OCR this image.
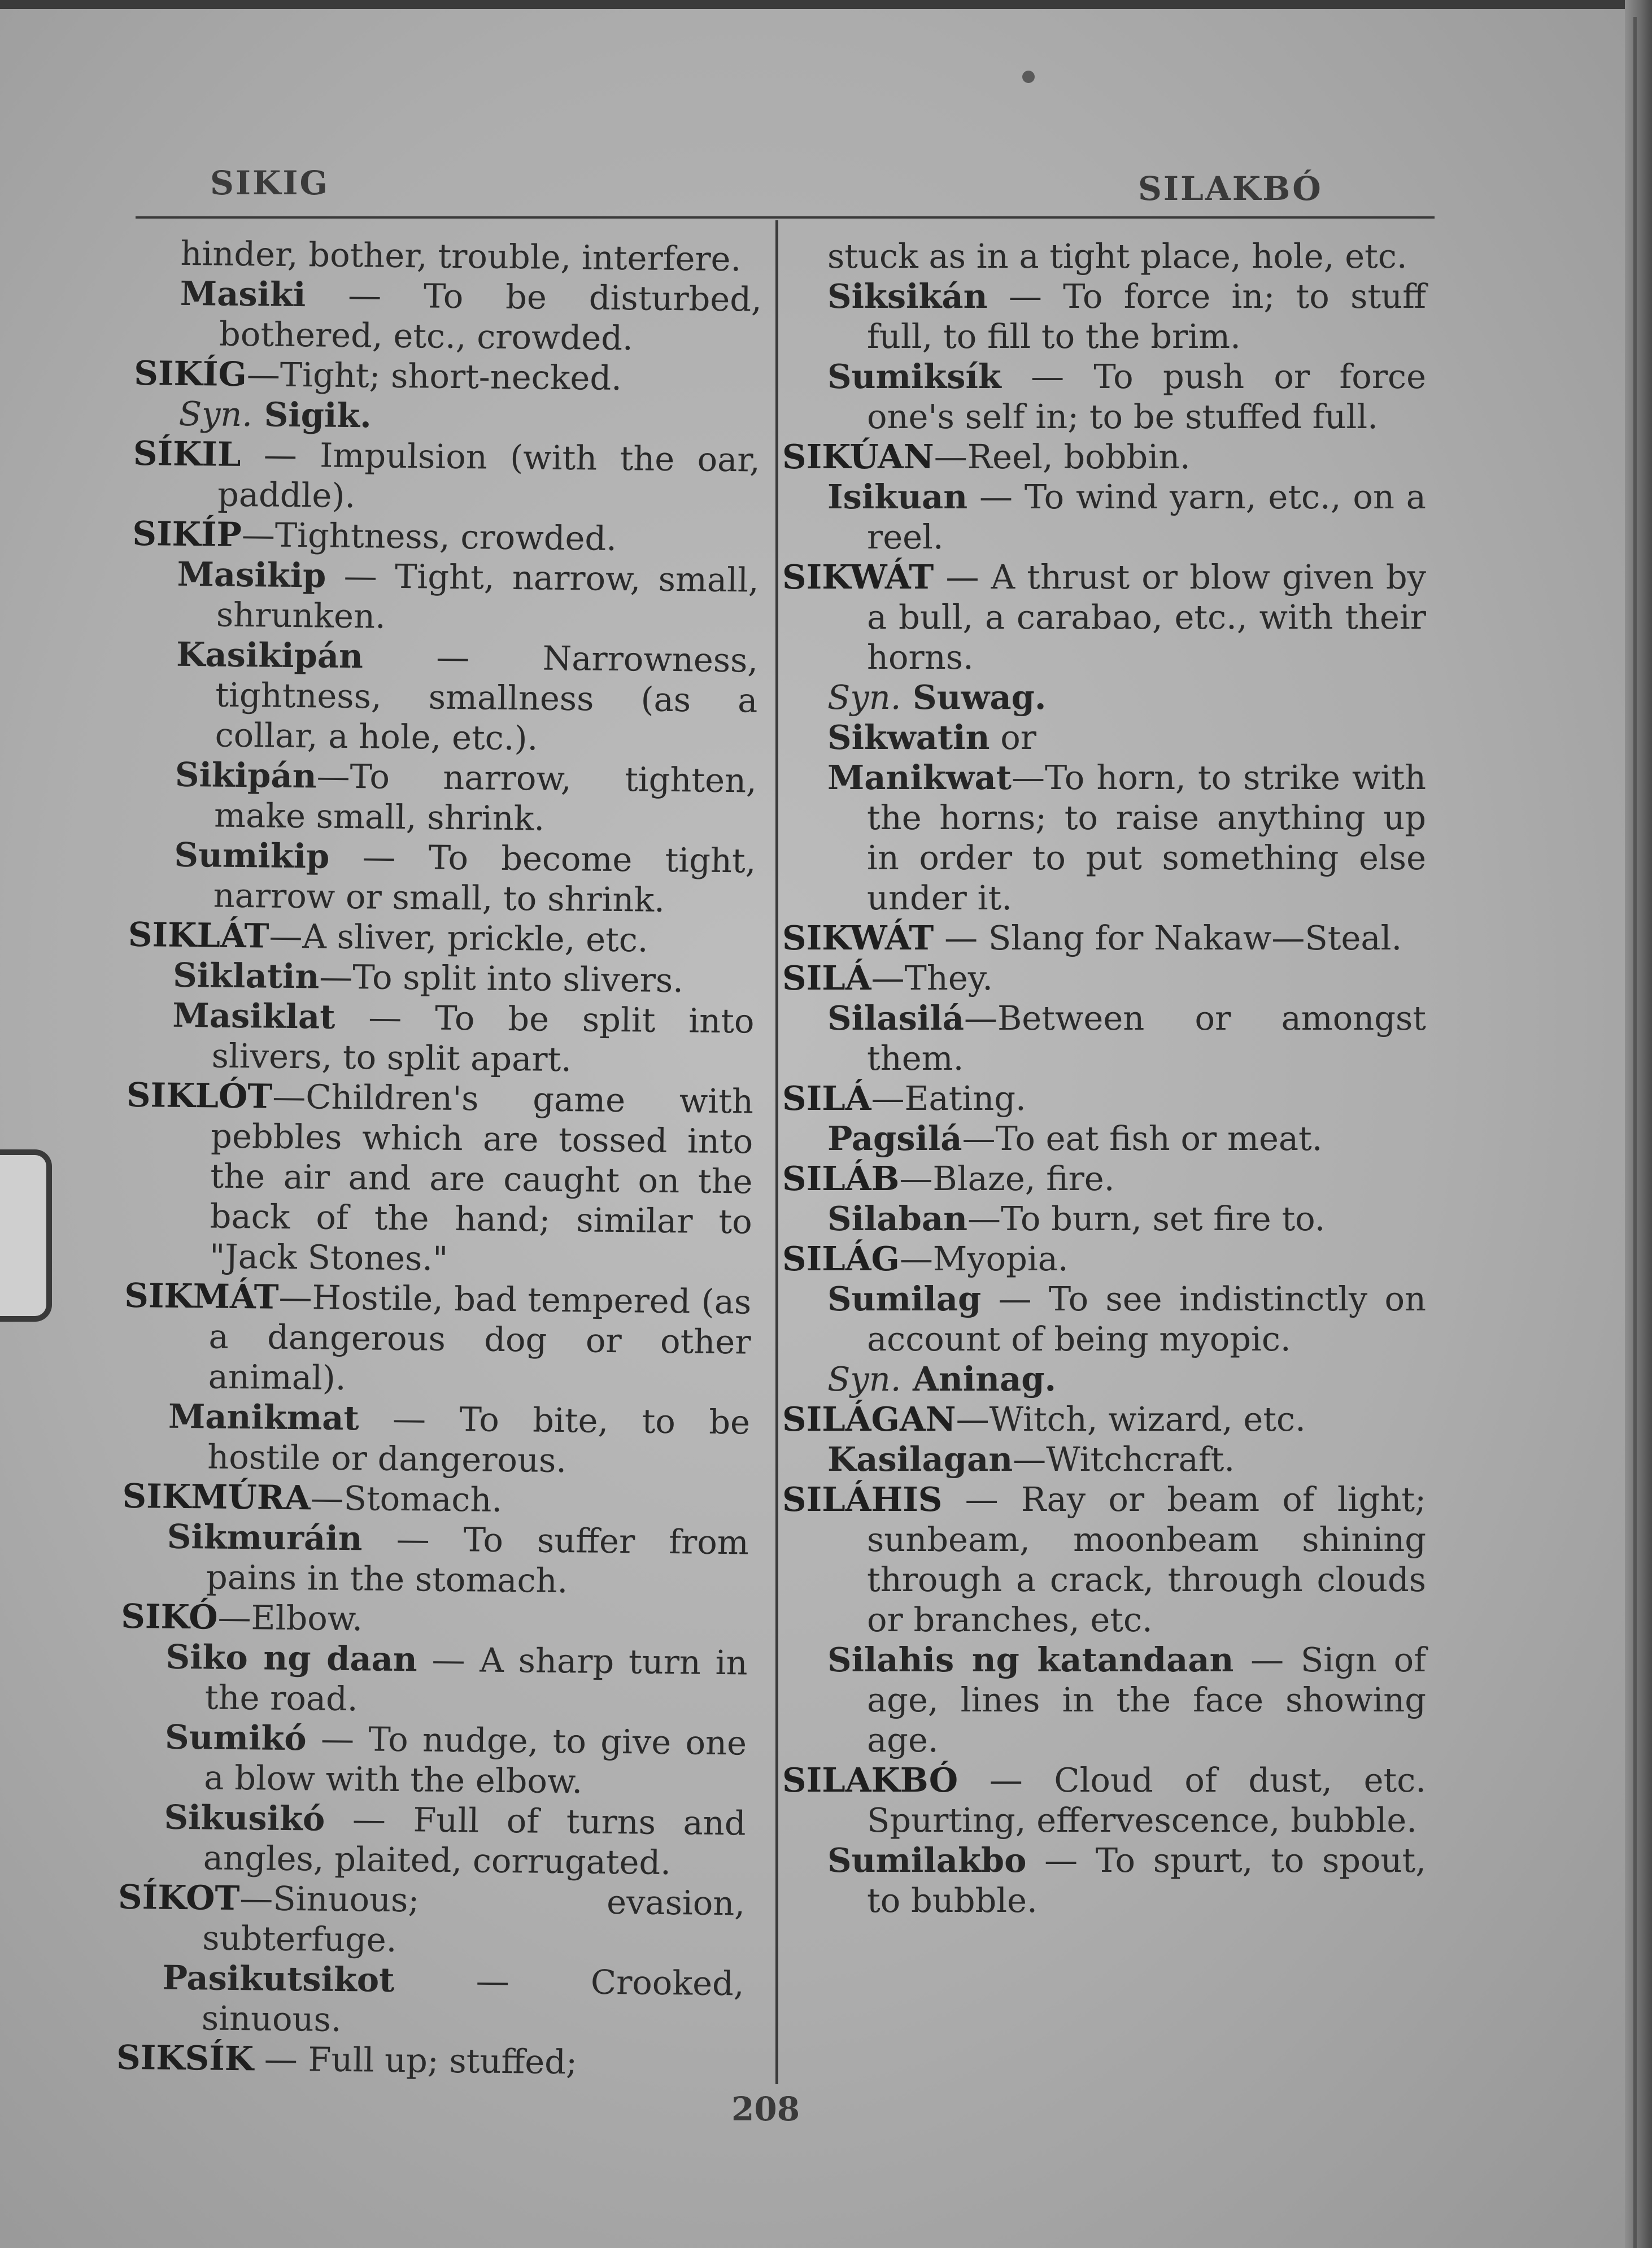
SIKIG	SILAKBÓ
hinder, bother, trouble, interfere.
Masiki — To be disturbed, bothered, etc., crowded.
SIKÍG—Tight; short-necked.
Syn. Sigik.
SÍKIL — Impulsion (with the oar, paddle).
SIKÍP—Tightness, crowded.
Masikip — Tight, narrow, small, shrunken.
Kasikipán — Narrowness, tightness, smallness (as a collar, a hole, etc.).
Sikipán—To narrow, tighten, make small, shrink.
Sumikip — To become tight, narrow or small, to shrink.
SIKLÁT—A sliver, prickle, etc.
Siklatin—To split into slivers.
Masiklat — To be split into slivers, to split apart.
SIKLÓT—Children's game with pebbles which are tossed into the air and are caught on the back of the hand; similar to "Jack Stones."
SIKMÁT—Hostile, bad tempered (as a dangerous dog or other animal).
Manikmat — To bite, to be hostile or dangerous.
SIKMÚRA—Stomach.
Sikmuráin — To suffer from pains in the stomach.
SIKÓ—Elbow.
Siko ng daan — A sharp turn in the road.
Sumikó — To nudge, to give one a blow with the elbow.
Sikusikó — Full of turns and angles, plaited, corrugated.
SÍKOT—Sinuous; evasion, subterfuge.
Pasikutsikot — Crooked, sinuous.
SIKSÍK — Full up; stuffed;
stuck as in a tight place, hole, etc.
Siksikán — To force in; to stuff full, to fill to the brim.
Sumiksík — To push or force one's self in; to be stuffed full.
SIKÚAN—Reel, bobbin.
Isikuan — To wind yarn, etc., on a reel.
SIKWÁT — A thrust or blow given by a bull, a carabao, etc., with their horns.
Syn. Suwag.
Sikwatin or
Manikwat—To horn, to strike with the horns; to raise anything up in order to put something else under it.
SIKWÁT — Slang for Nakaw—Steal.
SILÁ—They.
Silasilá—Between or amongst them.
SILÁ—Eating.
Pagsilá—To eat fish or meat.
SILÁB—Blaze, fire.
Silaban—To burn, set fire to.
SILÁG—Myopia.
Sumilag — To see indistinctly on account of being myopic.
Syn. Aninag.
SILÁGAN—Witch, wizard, etc.
Kasilagan—Witchcraft.
SILÁHIS — Ray or beam of light; sunbeam, moonbeam shining through a crack, through clouds or branches, etc.
Silahis ng katandaan — Sign of age, lines in the face showing age.
SILAKBÓ — Cloud of dust, etc. Spurting, effervescence, bubble.
Sumilakbo — To spurt, to spout, to bubble.
208
